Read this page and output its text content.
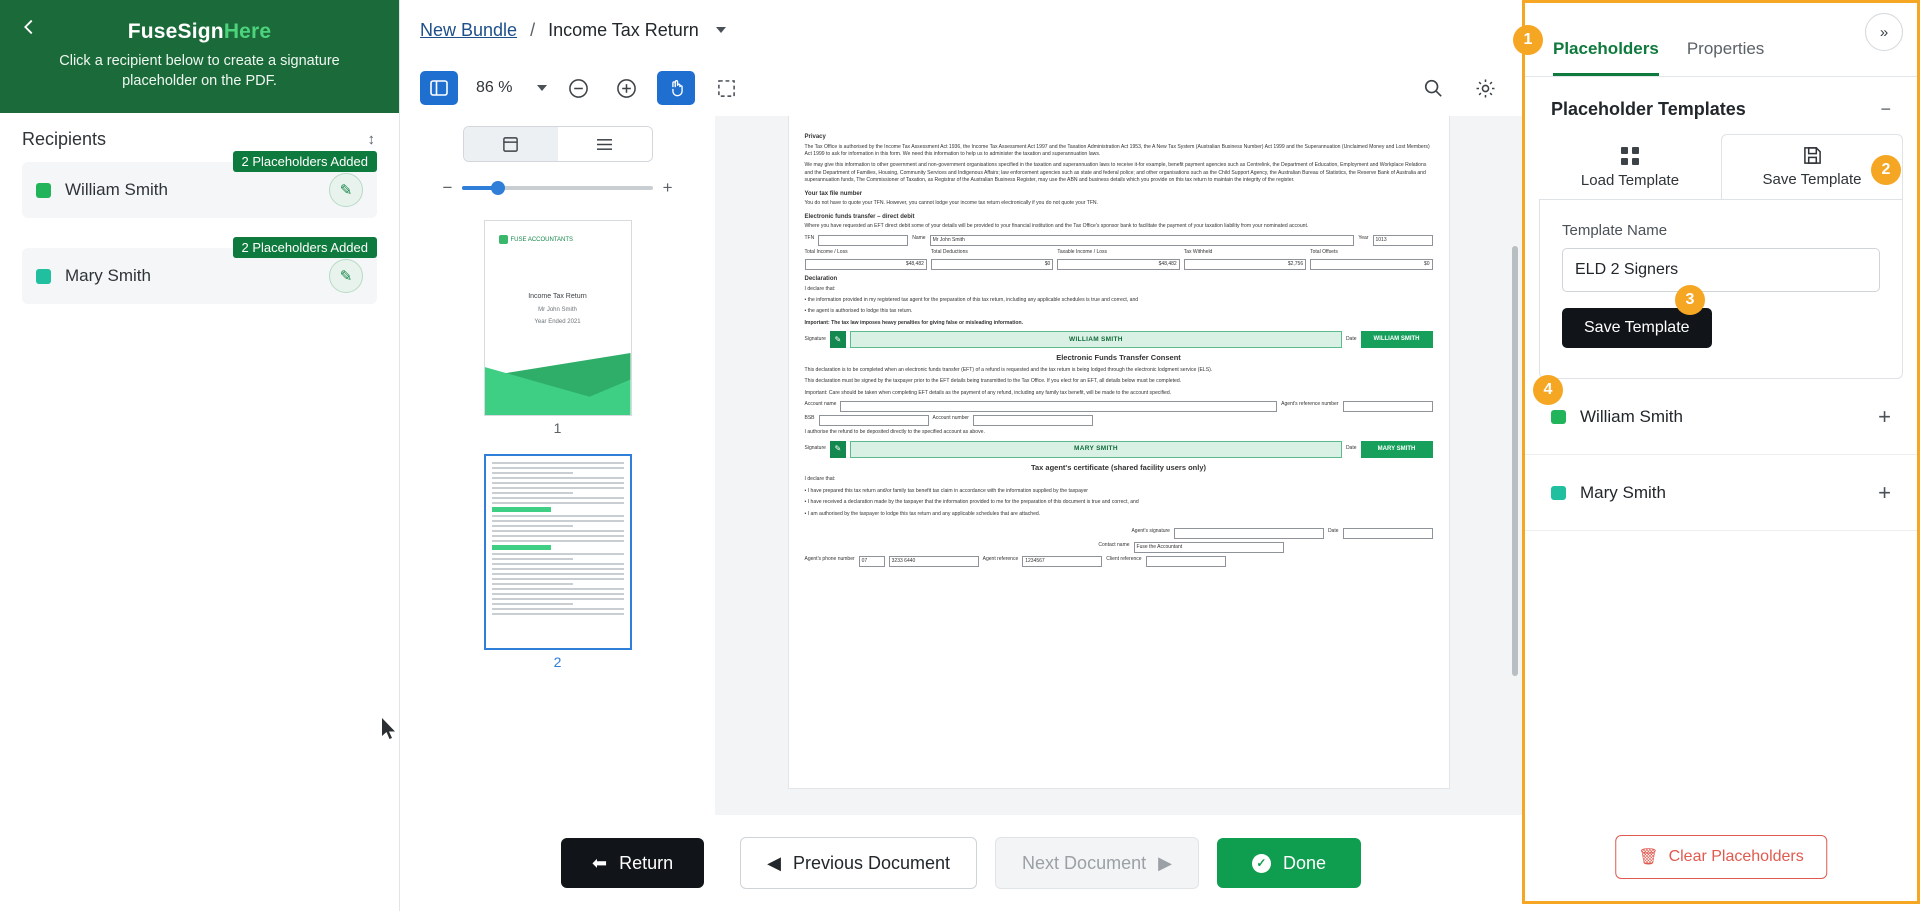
FuseSignHere
Click a recipient below to create a signature placeholder on the PDF.
Recipients	↕
2 Placeholders Added
William Smith	✎
2 Placeholders Added
Mary Smith	✎
New Bundle / Income Tax Return
86 %
−	+
FUSE ACCOUNTANTS
Income Tax Return
Mr John Smith
Year Ended 2021
1
2
Privacy

The Tax Office is authorised by the Income Tax Assessment Act 1936, the Income Tax Assessment Act 1997 and the Taxation Administration Act 1953, the A New Tax System (Australian Business Number) Act 1999 and the Superannuation (Unclaimed Money and Lost Members) Act 1999 to ask for information in this form. We need this information to help us to administer the taxation and superannuation laws.

We may give this information to other government and non-government organisations specified in the taxation and superannuation laws to receive it-for example, benefit payment agencies such as Centrelink, the Department of Education, Employment and Workplace Relations and the Department of Families, Housing, Community Services and Indigenous Affairs; law enforcement agencies such as state and federal police; and other organisations such as the Child Support Agency, the Australian Bureau of Statistics, the Reserve Bank of Australia and superannuation funds, The Commissioner of Taxation, as Registrar of the Australian Business Register, may use the ABN and business details which you provide on this tax return to maintain the integrity of the register.

Your tax file number

You do not have to quote your TFN. However, you cannot lodge your income tax return electronically if you do not quote your TFN.

Electronic funds transfer – direct debit

Where you have requested an EFT direct debit some of your details will be provided to your financial institution and the Tax Office's sponsor bank to facilitate the payment of your taxation liability from your nominated account.

TFN	Name	Mr John Smith	Year	1013
Total Income / Loss	Total Deductions	Taxable Income / Loss	Tax Withheld	Total Offsets
$48,482	$0	$48,482	$2,756	$0
Declaration

I declare that:

• the information provided in my registered tax agent for the preparation of this tax return, including any applicable schedules is true and correct, and

• the agent is authorised to lodge this tax return.

Important: The tax law imposes heavy penalties for giving false or misleading information.

Signature	✎	WILLIAM SMITH	Date	WILLIAM SMITH
Electronic Funds Transfer Consent

This declaration is to be completed when an electronic funds transfer (EFT) of a refund is requested and the tax return is being lodged through the electronic lodgment service (ELS).

This declaration must be signed by the taxpayer prior to the EFT details being transmitted to the Tax Office. If you elect for an EFT, all details below must be completed.

Important: Care should be taken when completing EFT details as the payment of any refund, including any family tax benefit, will be made to the account specified.

Account name	Agent's reference number
BSB	Account number

I authorise the refund to be deposited directly to the specified account as above.

Signature	✎	MARY SMITH	Date	MARY SMITH
Tax agent's certificate (shared facility users only)

I declare that:

• I have prepared this tax return and/or family tax benefit tax claim in accordance with the information supplied by the taxpayer

• I have received a declaration made by the taxpayer that the information provided to me for the preparation of this document is true and correct, and

• I am authorised by the taxpayer to lodge this tax return and any applicable schedules that are attached.

Agent's signature	Date
Contact name	Fuse the Accountant
Agent's phone number	07	3233 6440	Agent reference	1234567	Client reference
⬅ Return	◀ Previous Document	Next Document ▶	✓ Done
»
Placeholders Properties
Placeholder Templates	−
Load Template	Save Template
Template Name
ELD 2 Signers Save Template
William Smith	+
Mary Smith	+
🗑 Clear Placeholders
1
2
3
4
